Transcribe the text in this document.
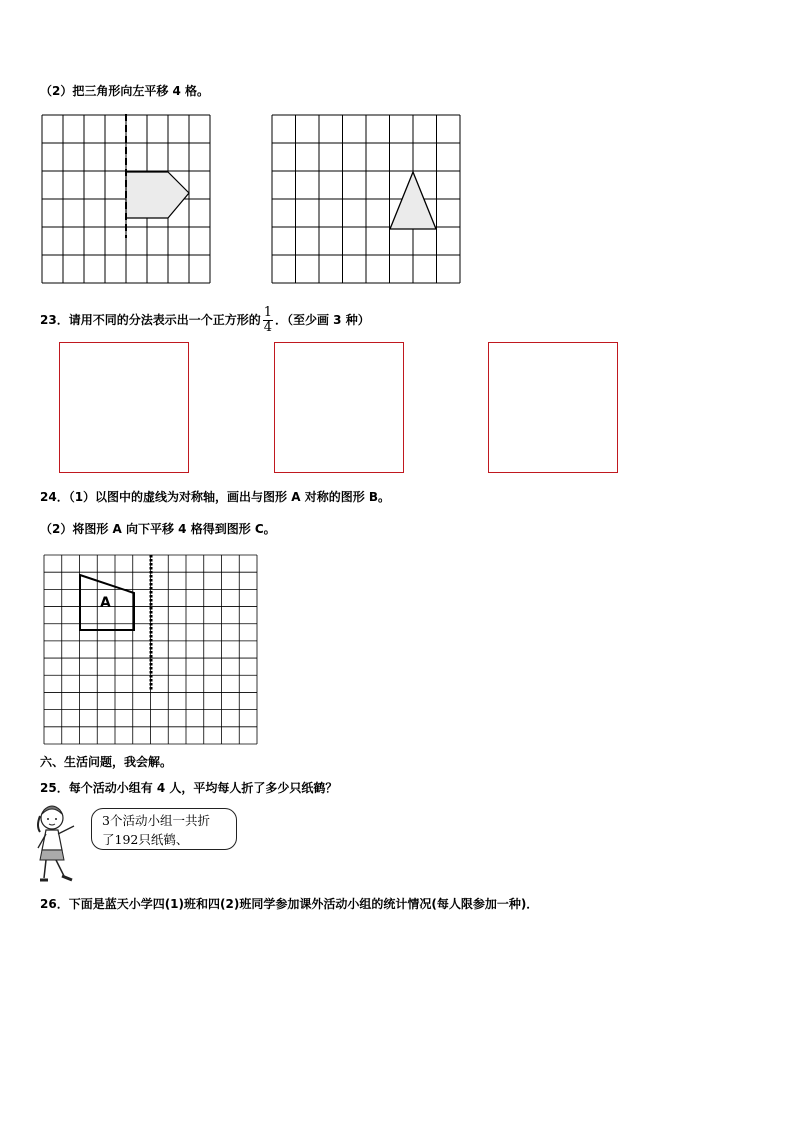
（2）把三角形向左平移 4 格。
23．请用不同的分法表示出一个正方形的 $\frac{1}{4}$ ．（至少画 3 种）
24．（1）以图中的虚线为对称轴，画出与图形 A 对称的图形 B。
（2）将图形 A 向下平移 4 格得到图形 C。
A
六、生活问题，我会解。
25．每个活动小组有 4 人，平均每人折了多少只纸鹤？
3个活动小组一共折
了192只纸鹤、
26．下面是蓝天小学四(1)班和四(2)班同学参加课外活动小组的统计情况(每人限参加一种)．
